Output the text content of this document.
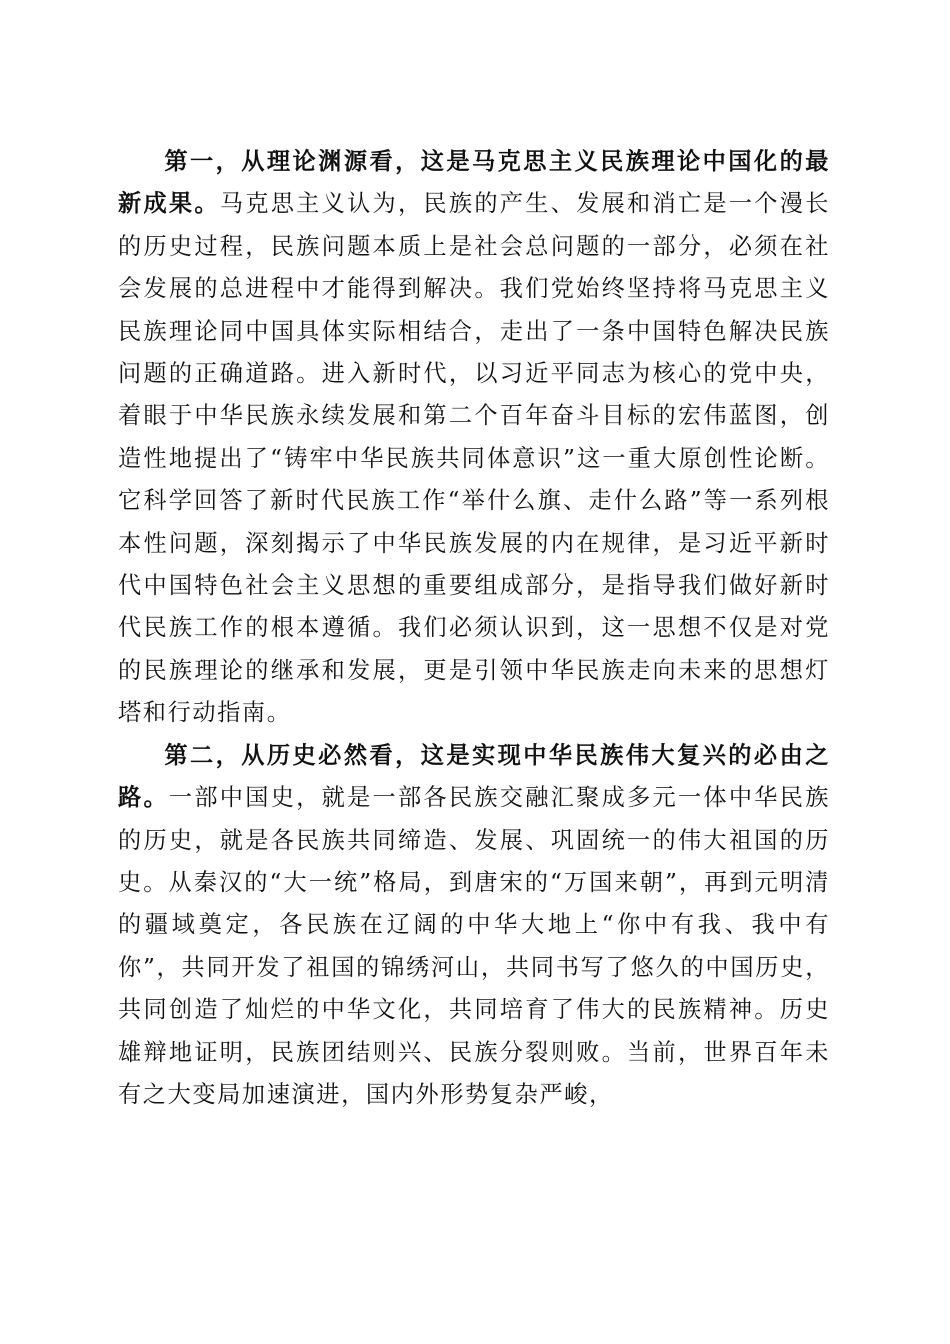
第一，从理论渊源看，这是马克思主义民族理论中国化的最新成果。马克思主义认为，民族的产生、发展和消亡是一个漫长的历史过程，民族问题本质上是社会总问题的一部分，必须在社会发展的总进程中才能得到解决。我们党始终坚持将马克思主义民族理论同中国具体实际相结合，走出了一条中国特色解决民族问题的正确道路。进入新时代，以习近平同志为核心的党中央，着眼于中华民族永续发展和第二个百年奋斗目标的宏伟蓝图，创造性地提出了“铸牢中华民族共同体意识”这一重大原创性论断。它科学回答了新时代民族工作“举什么旗、走什么路”等一系列根本性问题，深刻揭示了中华民族发展的内在规律，是习近平新时代中国特色社会主义思想的重要组成部分，是指导我们做好新时代民族工作的根本遵循。我们必须认识到，这一思想不仅是对党的民族理论的继承和发展，更是引领中华民族走向未来的思想灯塔和行动指南。

第二，从历史必然看，这是实现中华民族伟大复兴的必由之路。一部中国史，就是一部各民族交融汇聚成多元一体中华民族的历史，就是各民族共同缔造、发展、巩固统一的伟大祖国的历史。从秦汉的“大一统”格局，到唐宋的“万国来朝”，再到元明清的疆域奠定，各民族在辽阔的中华大地上“你中有我、我中有你”，共同开发了祖国的锦绣河山，共同书写了悠久的中国历史，共同创造了灿烂的中华文化，共同培育了伟大的民族精神。历史雄辩地证明，民族团结则兴、民族分裂则败。当前，世界百年未有之大变局加速演进，国内外形势复杂严峻，
